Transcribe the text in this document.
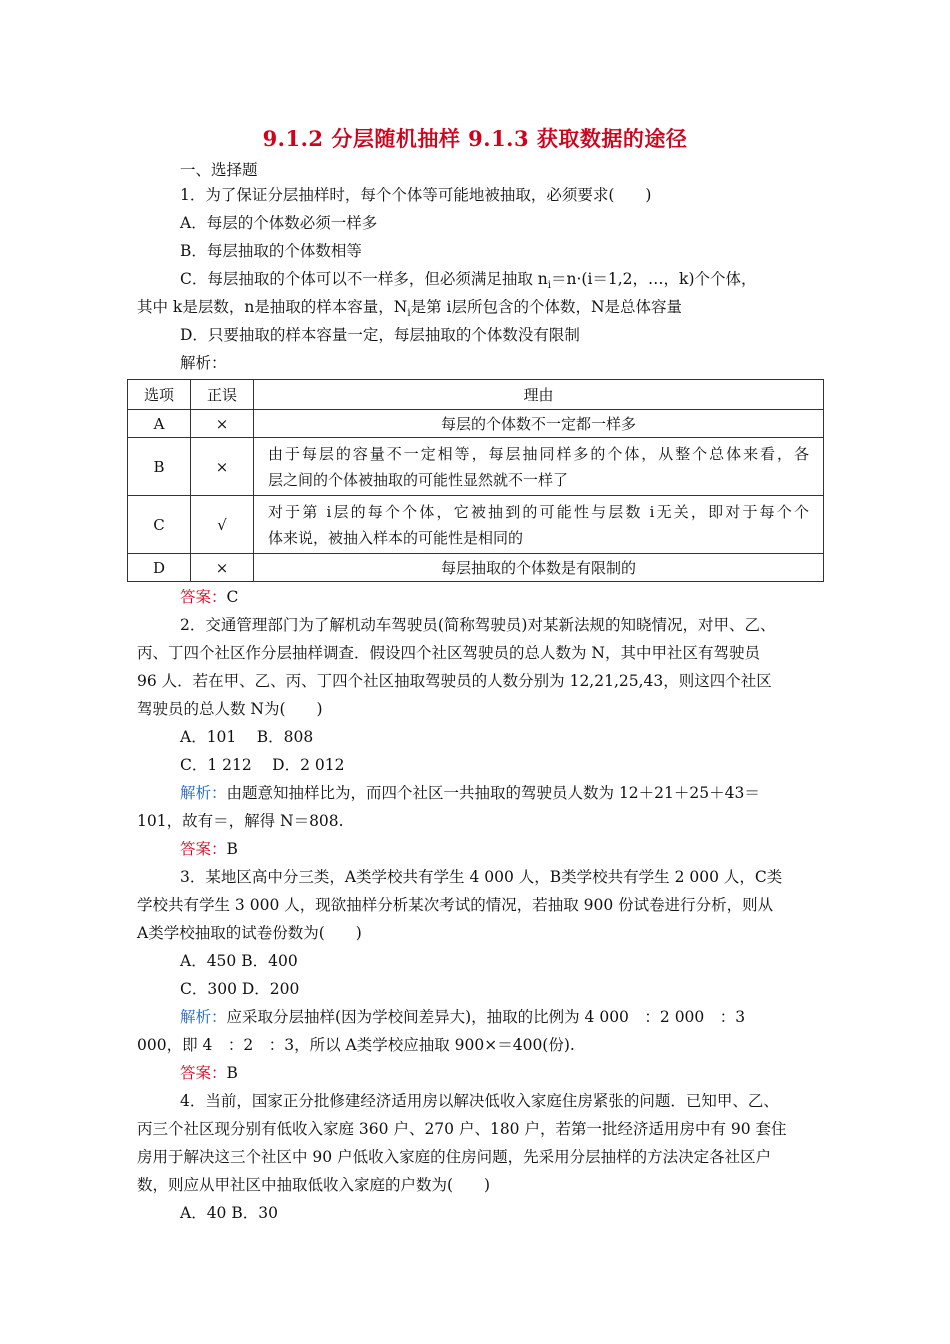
9.1.2 分层随机抽样 9.1.3 获取数据的途径
一、选择题
1．为了保证分层抽样时，每个个体等可能地被抽取，必须要求(　　)
A．每层的个体数必须一样多
B．每层抽取的个体数相等
C．每层抽取的个体可以不一样多，但必须满足抽取 $n_i=n\cdot(i=1,2$，…，k)个个体，
其中 k是层数，n是抽取的样本容量，$N_i$是第 i层所包含的个体数，N是总体容量
D．只要抽取的样本容量一定，每层抽取的个体数没有限制
解析：
选项	正误	理由
A	×	每层的个体数不一定都一样多
B	×	由于每层的容量不一定相等，每层抽同样多的个体，从整个总体来看，各
层之间的个体被抽取的可能性显然就不一样了

C	√	对于第 i层的每个个体，它被抽到的可能性与层数 i无关，即对于每个个
体来说，被抽入样本的可能性是相同的

D	×	每层抽取的个体数是有限制的
答案：C
2．交通管理部门为了解机动车驾驶员(简称驾驶员)对某新法规的知晓情况，对甲、乙、
丙、丁四个社区作分层抽样调查．假设四个社区驾驶员的总人数为 N，其中甲社区有驾驶员
96 人．若在甲、乙、丙、丁四个社区抽取驾驶员的人数分别为 12,21,25,43，则这四个社区
驾驶员的总人数 N为(　　)
A．101　 B．808
C．1 212　 D．2 012
解析：由题意知抽样比为，而四个社区一共抽取的驾驶员人数为 12＋21＋25＋43＝
101，故有＝，解得 N＝808.
答案：B
3．某地区高中分三类，A类学校共有学生 4 000 人，B类学校共有学生 2 000 人，C类
学校共有学生 3 000 人，现欲抽样分析某次考试的情况，若抽取 900 份试卷进行分析，则从
A类学校抽取的试卷份数为(　　)
A．450 B．400
C．300 D．200
解析：应采取分层抽样(因为学校间差异大)，抽取的比例为 4 000　：2 000　：3
000，即 4　：2　：3，所以 A类学校应抽取 900×＝400(份).
答案：B
4．当前，国家正分批修建经济适用房以解决低收入家庭住房紧张的问题．已知甲、乙、
丙三个社区现分别有低收入家庭 360 户、270 户、180 户，若第一批经济适用房中有 90 套住
房用于解决这三个社区中 90 户低收入家庭的住房问题，先采用分层抽样的方法决定各社区户
数，则应从甲社区中抽取低收入家庭的户数为(　　)
A．40 B．30
